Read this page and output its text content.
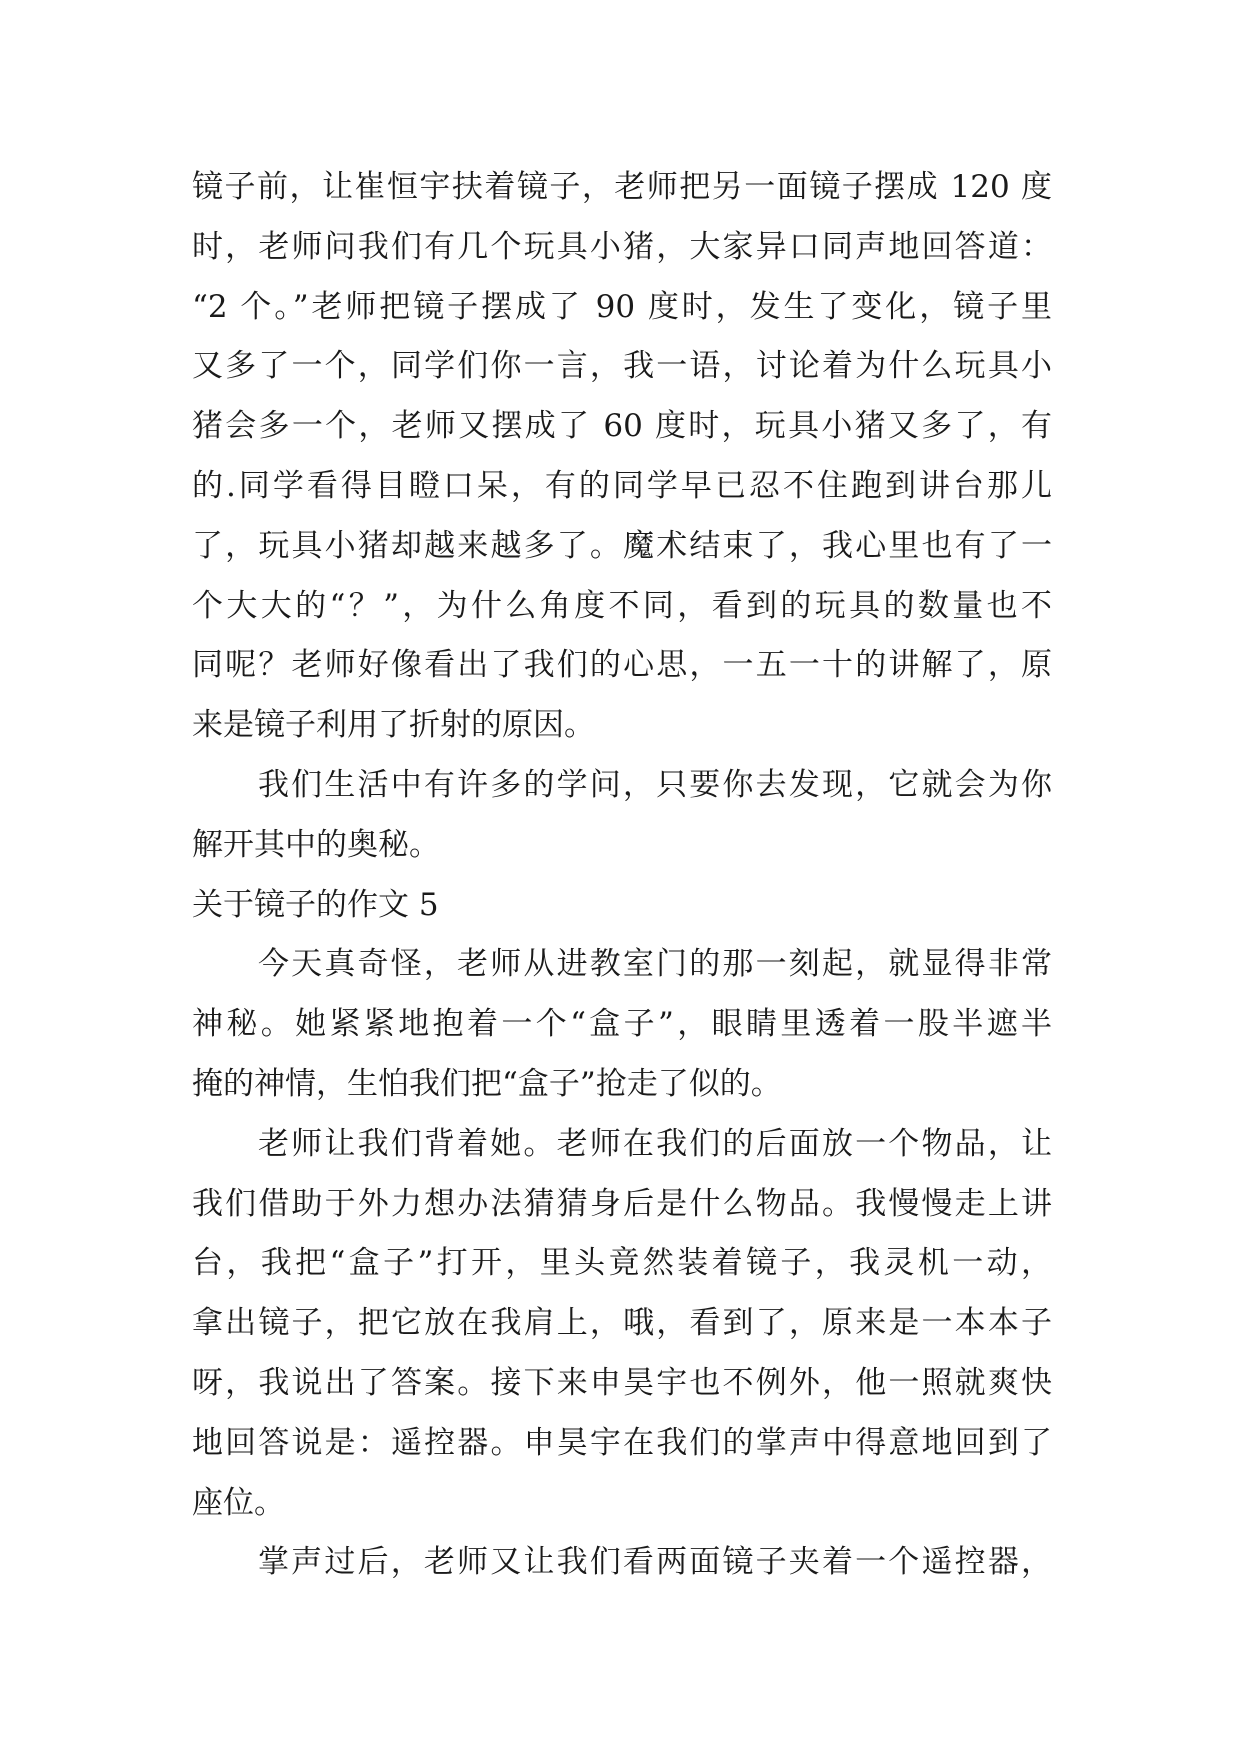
镜子前，让崔恒宇扶着镜子，老师把另一面镜子摆成 120 度
时，老师问我们有几个玩具小猪，大家异口同声地回答道：
“2 个。”老师把镜子摆成了 90 度时，发生了变化，镜子里
又多了一个，同学们你一言，我一语，讨论着为什么玩具小
猪会多一个，老师又摆成了 60 度时，玩具小猪又多了，有
的.同学看得目瞪口呆，有的同学早已忍不住跑到讲台那儿
了，玩具小猪却越来越多了。魔术结束了，我心里也有了一
个大大的“？”，为什么角度不同，看到的玩具的数量也不
同呢？老师好像看出了我们的心思，一五一十的讲解了，原
来是镜子利用了折射的原因。
我们生活中有许多的学问，只要你去发现，它就会为你
解开其中的奥秘。
关于镜子的作文 5
今天真奇怪，老师从进教室门的那一刻起，就显得非常
神秘。她紧紧地抱着一个“盒子”，眼睛里透着一股半遮半
掩的神情，生怕我们把“盒子”抢走了似的。
老师让我们背着她。老师在我们的后面放一个物品，让
我们借助于外力想办法猜猜身后是什么物品。我慢慢走上讲
台，我把“盒子”打开，里头竟然装着镜子，我灵机一动，
拿出镜子，把它放在我肩上，哦，看到了，原来是一本本子
呀，我说出了答案。接下来申昊宇也不例外，他一照就爽快
地回答说是：遥控器。申昊宇在我们的掌声中得意地回到了
座位。
掌声过后，老师又让我们看两面镜子夹着一个遥控器，
